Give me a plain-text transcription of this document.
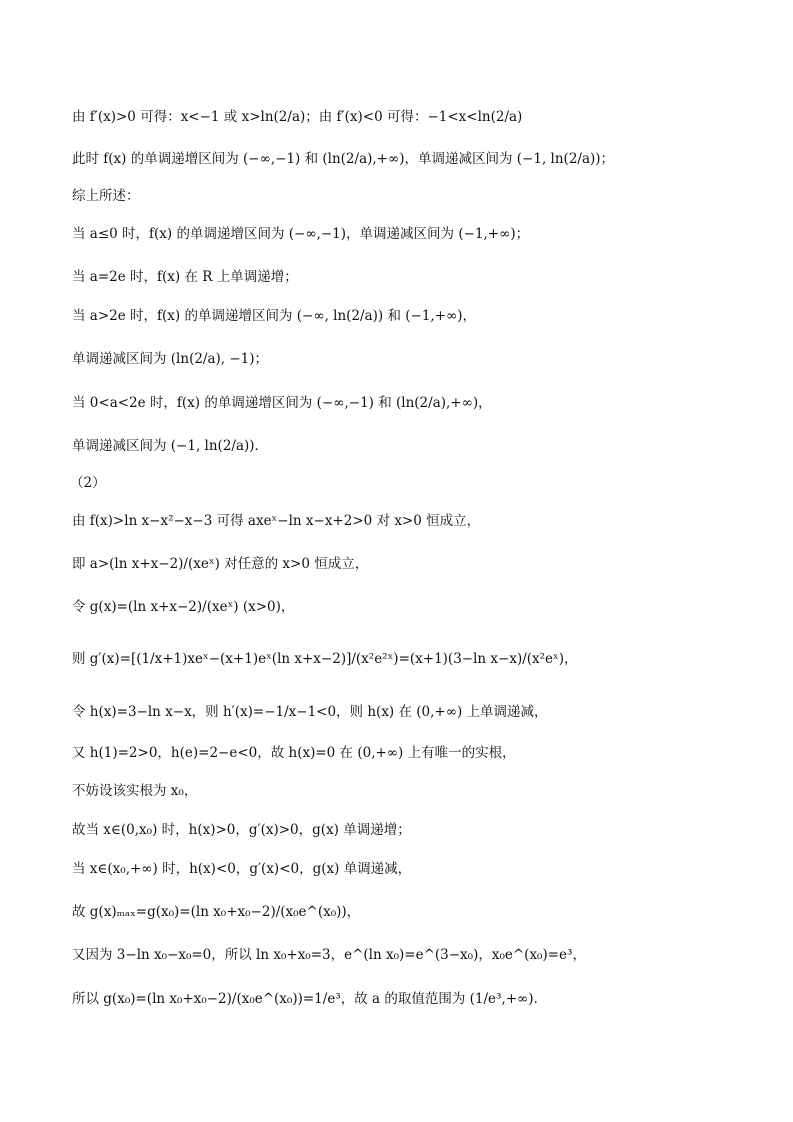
由 f′(x)>0 可得：x<−1 或 x>ln(2/a)；由 f′(x)<0 可得：−1<x<ln(2/a)
此时 f(x) 的单调递增区间为 (−∞,−1) 和 (ln(2/a),+∞)，单调递减区间为 (−1, ln(2/a))；
综上所述：
当 a≤0 时，f(x) 的单调递增区间为 (−∞,−1)，单调递减区间为 (−1,+∞)；
当 a=2e 时，f(x) 在 R 上单调递增；
当 a>2e 时，f(x) 的单调递增区间为 (−∞, ln(2/a)) 和 (−1,+∞)，
单调递减区间为 (ln(2/a), −1)；
当 0<a<2e 时，f(x) 的单调递增区间为 (−∞,−1) 和 (ln(2/a),+∞)，
单调递减区间为 (−1, ln(2/a))．
（2）
由 f(x)>ln x−x²−x−3 可得 axeˣ−ln x−x+2>0 对 x>0 恒成立，
即 a>(ln x+x−2)/(xeˣ) 对任意的 x>0 恒成立，
令 g(x)=(ln x+x−2)/(xeˣ) (x>0)，
则 g′(x)=[(1/x+1)xeˣ−(x+1)eˣ(ln x+x−2)]/(x²e²ˣ)=(x+1)(3−ln x−x)/(x²eˣ)，
令 h(x)=3−ln x−x，则 h′(x)=−1/x−1<0，则 h(x) 在 (0,+∞) 上单调递减，
又 h(1)=2>0，h(e)=2−e<0，故 h(x)=0 在 (0,+∞) 上有唯一的实根，
不妨设该实根为 x₀，
故当 x∈(0,x₀) 时，h(x)>0，g′(x)>0，g(x) 单调递增；
当 x∈(x₀,+∞) 时，h(x)<0，g′(x)<0，g(x) 单调递减，
故 g(x)ₘₐₓ=g(x₀)=(ln x₀+x₀−2)/(x₀e^(x₀))，
又因为 3−ln x₀−x₀=0，所以 ln x₀+x₀=3，e^(ln x₀)=e^(3−x₀)，x₀e^(x₀)=e³，
所以 g(x₀)=(ln x₀+x₀−2)/(x₀e^(x₀))=1/e³，故 a 的取值范围为 (1/e³,+∞)．
